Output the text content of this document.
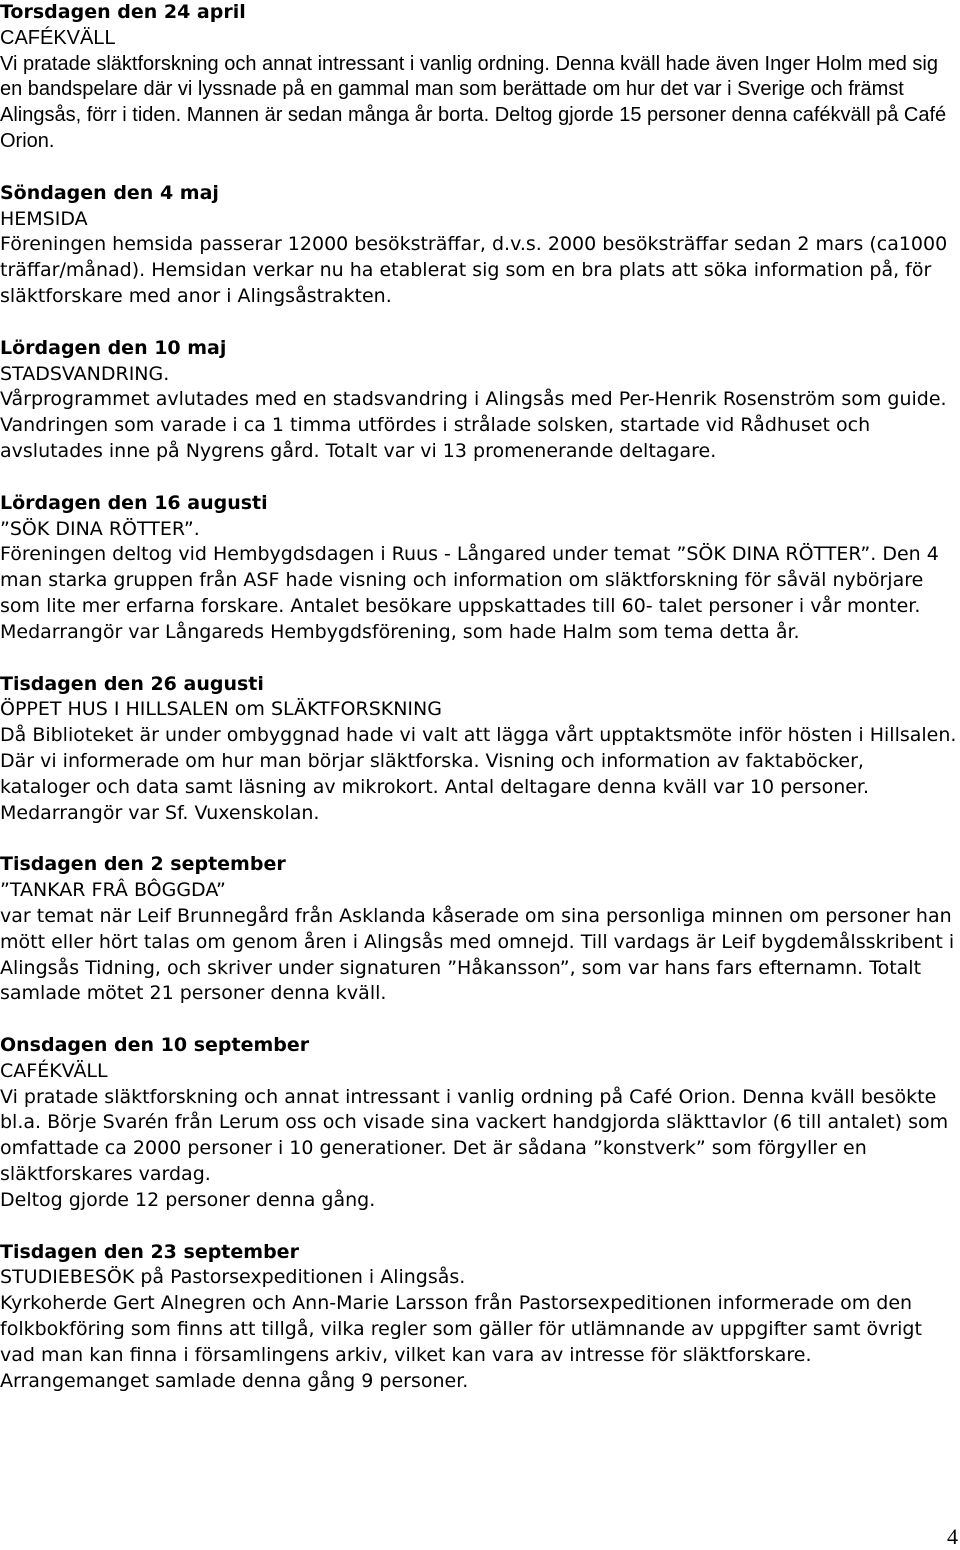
Torsdagen den 24 april

CAFÉKVÄLL

Vi pratade släktforskning och annat intressant i vanlig ordning. Denna kväll hade även Inger Holm med sig en bandspelare där vi lyssnade på en gammal man som berättade om hur det var i Sverige och främst Alingsås, förr i tiden. Mannen är sedan många år borta. Deltog gjorde 15 personer denna cafékväll på Café Orion.

Söndagen den 4 maj

HEMSIDA

Föreningen hemsida passerar 12000 besöksträffar, d.v.s. 2000 besöksträffar sedan 2 mars (ca1000 träffar/månad). Hemsidan verkar nu ha etablerat sig som en bra plats att söka information på, för släktforskare med anor i Alingsåstrakten.

Lördagen den 10 maj

STADSVANDRING.

Vårprogrammet avlutades med en stadsvandring i Alingsås med Per-Henrik Rosenström som guide. Vandringen som varade i ca 1 timma utfördes i strålade solsken, startade vid Rådhuset och avslutades inne på Nygrens gård. Totalt var vi 13 promenerande deltagare.

Lördagen den 16 augusti

”SÖK DINA RÖTTER”.

Föreningen deltog vid Hembygdsdagen i Ruus - Långared under temat ”SÖK DINA RÖTTER”. Den 4 man starka gruppen från ASF hade visning och information om släktforskning för såväl nybörjare som lite mer erfarna forskare. Antalet besökare uppskattades till 60- talet personer i vår monter. Medarrangör var Långareds Hembygdsförening, som hade Halm som tema detta år.

Tisdagen den 26 augusti

ÖPPET HUS I HILLSALEN om SLÄKTFORSKNING

Då Biblioteket är under ombyggnad hade vi valt att lägga vårt upptaktsmöte inför hösten i Hillsalen. Där vi informerade om hur man börjar släktforska. Visning och information av faktaböcker, kataloger och data samt läsning av mikrokort. Antal deltagare denna kväll var 10 personer. Medarrangör var Sf. Vuxenskolan.

Tisdagen den 2 september

”TANKAR FRÂ BÔGGDA”

var temat när Leif Brunnegård från Asklanda kåserade om sina personliga minnen om personer han mött eller hört talas om genom åren i Alingsås med omnejd. Till vardags är Leif bygdemålsskribent i Alingsås Tidning, och skriver under signaturen ”Håkansson”, som var hans fars efternamn. Totalt samlade mötet 21 personer denna kväll.

Onsdagen den 10 september

CAFÉKVÄLL

Vi pratade släktforskning och annat intressant i vanlig ordning på Café Orion. Denna kväll besökte bl.a. Börje Svarén från Lerum oss och visade sina vackert handgjorda släkttavlor (6 till antalet) som omfattade ca 2000 personer i 10 generationer. Det är sådana ”konstverk” som förgyller en släktforskares vardag.

Deltog gjorde 12 personer denna gång.

Tisdagen den 23 september

STUDIEBESÖK på Pastorsexpeditionen i Alingsås.

Kyrkoherde Gert Alnegren och Ann-Marie Larsson från Pastorsexpeditionen informerade om den folkbokföring som finns att tillgå, vilka regler som gäller för utlämnande av uppgifter samt övrigt vad man kan finna i församlingens arkiv, vilket kan vara av intresse för släktforskare. Arrangemanget samlade denna gång 9 personer.

4
